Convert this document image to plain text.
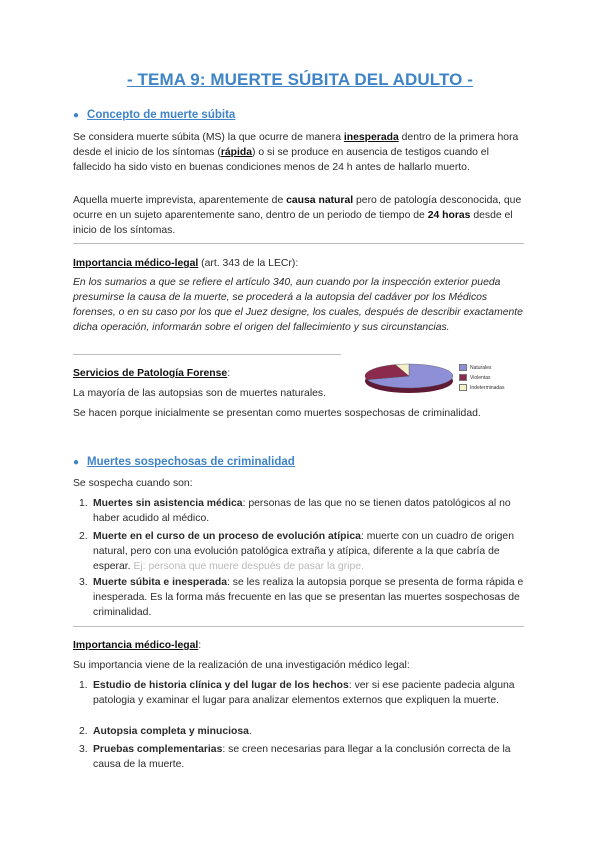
- TEMA 9: MUERTE SÚBITA DEL ADULTO -
● Concepto de muerte súbita
Se considera muerte súbita (MS) la que ocurre de manera inesperada dentro de la primera hora desde el inicio de los síntomas (rápida) o si se produce en ausencia de testigos cuando el fallecido ha sido visto en buenas condiciones menos de 24 h antes de hallarlo muerto.
Aquella muerte imprevista, aparentemente de causa natural pero de patología desconocida, que ocurre en un sujeto aparentemente sano, dentro de un periodo de tiempo de 24 horas desde el inicio de los síntomas.
Importancia médico-legal (art. 343 de la LECr):
En los sumarios a que se refiere el artículo 340, aun cuando por la inspección exterior pueda presumirse la causa de la muerte, se procederá a la autopsia del cadáver por los Médicos forenses, o en su caso por los que el Juez designe, los cuales, después de describir exactamente dicha operación, informarán sobre el origen del fallecimiento y sus circunstancias.
Servicios de Patología Forense:
La mayoría de las autopsias son de muertes naturales.
Se hacen porque inicialmente se presentan como muertes sospechosas de criminalidad.
Naturales
Violentas
Indeterminadas
● Muertes sospechosas de criminalidad
Se sospecha cuando son:
1. Muertes sin asistencia médica: personas de las que no se tienen datos patológicos al no haber acudido al médico.
2. Muerte en el curso de un proceso de evolución atípica: muerte con un cuadro de origen natural, pero con una evolución patológica extraña y atípica, diferente a la que cabría de esperar. Ej: persona que muere después de pasar la gripe.
3. Muerte súbita e inesperada: se les realiza la autopsia porque se presenta de forma rápida e inesperada. Es la forma más frecuente en las que se presentan las muertes sospechosas de criminalidad.
Importancia médico-legal:
Su importancia viene de la realización de una investigación médico legal:
1. Estudio de historia clínica y del lugar de los hechos: ver si ese paciente padecia alguna patologia y examinar el lugar para analizar elementos externos que expliquen la muerte.
2. Autopsia completa y minuciosa.
3. Pruebas complementarias: se creen necesarias para llegar a la conclusión correcta de la causa de la muerte.
